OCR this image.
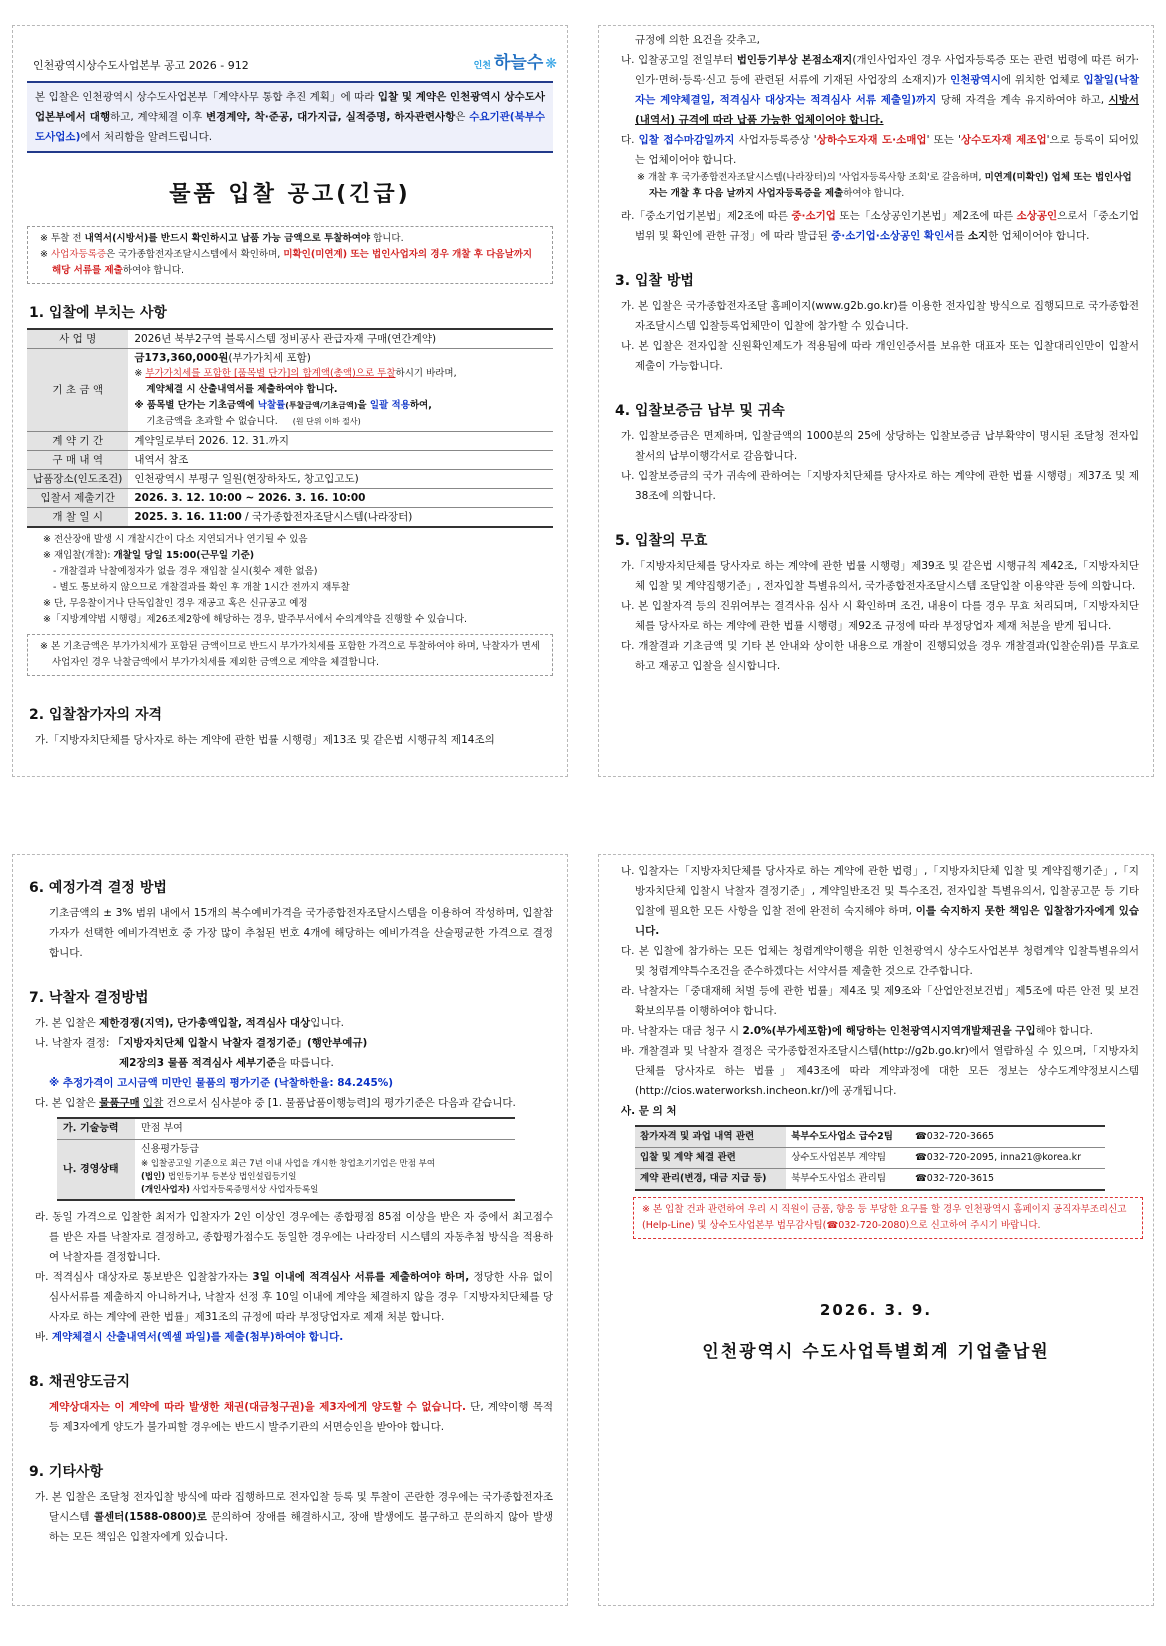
인천광역시상수도사업본부 공고 2026 - 912	인천 하늘수 ❋
본 입찰은 인천광역시 상수도사업본부「계약사무 통합 추진 계획」에 따라 입찰 및 계약은 인천광역시 상수도사업본부에서 대행하고, 계약체결 이후 변경계약, 착·준공, 대가지급, 실적증명, 하자관련사항은 수요기관(북부수도사업소)에서 처리함을 알려드립니다.
물품 입찰 공고(긴급)

※ 투찰 전 내역서(시방서)를 반드시 확인하시고 납품 가능 금액으로 투찰하여야 합니다.

※ 사업자등록증은 국가종합전자조달시스템에서 확인하며, 미확인(미연계) 또는 법인사업자의 경우 개찰 후 다음날까지 해당 서류를 제출하여야 합니다.

1. 입찰에 부치는 사항
사 업 명	2026년 북부2구역 블록시스템 정비공사 관급자재 구매(연간계약)
기 초 금 액	금173,360,000원(부가가치세 포함)
※ 부가가치세를 포함한 [품목별 단가]의 합계액(총액)으로 투찰하시기 바라며,
계약체결 시 산출내역서를 제출하여야 합니다.
※ 품목별 단가는 기초금액에 낙찰률(투찰금액/기초금액)을 일괄 적용하여,
기초금액을 초과할 수 없습니다. (원 단위 이하 절사)

계 약 기 간	계약일로부터 2026. 12. 31.까지
구 매 내 역	내역서 참조
납품장소(인도조건)	인천광역시 부평구 일원(현장하차도, 창고입고도)
입찰서 제출기간	2026. 3. 12. 10:00 ~ 2026. 3. 16. 10:00
개 찰 일 시	2025. 3. 16. 11:00 / 국가종합전자조달시스템(나라장터)

※ 전산장애 발생 시 개찰시간이 다소 지연되거나 연기될 수 있음

※ 재입찰(개찰): 개찰일 당일 15:00(근무일 기준)

- 개찰결과 낙찰예정자가 없을 경우 재입찰 실시(횟수 제한 없음)

- 별도 통보하지 않으므로 개찰결과를 확인 후 개찰 1시간 전까지 재투찰

※ 단, 무응찰이거나 단독입찰인 경우 재공고 혹은 신규공고 예정

※「지방계약법 시행령」제26조제2항에 해당하는 경우, 발주부서에서 수의계약을 진행할 수 있습니다.

※ 본 기초금액은 부가가치세가 포함된 금액이므로 반드시 부가가치세를 포함한 가격으로 투찰하여야 하며, 낙찰자가 면세사업자인 경우 낙찰금액에서 부가가치세를 제외한 금액으로 계약을 체결합니다.

2. 입찰참가자의 자격

가.「지방자치단체를 당사자로 하는 계약에 관한 법률 시행령」제13조 및 같은법 시행규칙 제14조의

규정에 의한 요건을 갖추고,

나. 입찰공고일 전일부터 법인등기부상 본점소재지(개인사업자인 경우 사업자등록증 또는 관련 법령에 따른 허가·인가·면허·등록·신고 등에 관련된 서류에 기재된 사업장의 소재지)가 인천광역시에 위치한 업체로 입찰일(낙찰자는 계약체결일, 적격심사 대상자는 적격심사 서류 제출일)까지 당해 자격을 계속 유지하여야 하고, 시방서(내역서) 규격에 따라 납품 가능한 업체이어야 합니다.

다. 입찰 접수마감일까지 사업자등록증상 '상하수도자재 도·소매업' 또는 '상수도자재 제조업'으로 등록이 되어있는 업체이어야 합니다.

※ 개찰 후 국가종합전자조달시스템(나라장터)의 '사업자등록사항 조회'로 갈음하며, 미연계(미확인) 업체 또는 법인사업자는 개찰 후 다음 날까지 사업자등록증을 제출하여야 합니다.

라.「중소기업기본법」제2조에 따른 중·소기업 또는「소상공인기본법」제2조에 따른 소상공인으로서「중소기업 범위 및 확인에 관한 규정」에 따라 발급된 중·소기업·소상공인 확인서를 소지한 업체이어야 합니다.

3. 입찰 방법

가. 본 입찰은 국가종합전자조달 홈페이지(www.g2b.go.kr)를 이용한 전자입찰 방식으로 집행되므로 국가종합전자조달시스템 입찰등록업체만이 입찰에 참가할 수 있습니다.

나. 본 입찰은 전자입찰 신원확인제도가 적용됨에 따라 개인인증서를 보유한 대표자 또는 입찰대리인만이 입찰서 제출이 가능합니다.

4. 입찰보증금 납부 및 귀속

가. 입찰보증금은 면제하며, 입찰금액의 1000분의 25에 상당하는 입찰보증금 납부확약이 명시된 조달청 전자입찰서의 납부이행각서로 갈음합니다.

나. 입찰보증금의 국가 귀속에 관하여는「지방자치단체를 당사자로 하는 계약에 관한 법률 시행령」제37조 및 제38조에 의합니다.

5. 입찰의 무효

가.「지방자치단체를 당사자로 하는 계약에 관한 법률 시행령」제39조 및 같은법 시행규칙 제42조,「지방자치단체 입찰 및 계약집행기준」, 전자입찰 특별유의서, 국가종합전자조달시스템 조달입찰 이용약관 등에 의합니다.

나. 본 입찰자격 등의 진위여부는 결격사유 심사 시 확인하며 조건, 내용이 다를 경우 무효 처리되며,「지방자치단체를 당사자로 하는 계약에 관한 법률 시행령」제92조 규정에 따라 부정당업자 제재 처분을 받게 됩니다.

다. 개찰결과 기초금액 및 기타 본 안내와 상이한 내용으로 개찰이 진행되었을 경우 개찰결과(입찰순위)를 무효로 하고 재공고 입찰을 실시합니다.

6. 예정가격 결정 방법

기초금액의 ± 3% 범위 내에서 15개의 복수예비가격을 국가종합전자조달시스템을 이용하여 작성하며, 입찰참가자가 선택한 예비가격번호 중 가장 많이 추첨된 번호 4개에 해당하는 예비가격을 산술평균한 가격으로 결정합니다.

7. 낙찰자 결정방법

가. 본 입찰은 제한경쟁(지역), 단가총액입찰, 적격심사 대상입니다.

나. 낙찰자 결정: 「지방자치단체 입찰시 낙찰자 결정기준」(행안부예규)

제2장의3 물품 적격심사 세부기준을 따릅니다.

※ 추정가격이 고시금액 미만인 물품의 평가기준 (낙찰하한율: 84.245%)

다. 본 입찰은 물품구매 입찰 건으로서 심사분야 중 [1. 물품납품이행능력]의 평가기준은 다음과 같습니다.

가. 기술능력	만점 부여
나. 경영상태	신용평가등급
※ 입찰공고일 기준으로 최근 7년 이내 사업을 개시한 창업초기기업은 만점 부여
(법인) 법인등기부 등본상 법인설립등기일
(개인사업자) 사업자등록증명서상 사업자등록일

라. 동일 가격으로 입찰한 최저가 입찰자가 2인 이상인 경우에는 종합평점 85점 이상을 받은 자 중에서 최고점수를 받은 자를 낙찰자로 결정하고, 종합평가점수도 동일한 경우에는 나라장터 시스템의 자동추첨 방식을 적용하여 낙찰자를 결정합니다.

마. 적격심사 대상자로 통보받은 입찰참가자는 3일 이내에 적격심사 서류를 제출하여야 하며, 정당한 사유 없이 심사서류를 제출하지 아니하거나, 낙찰자 선정 후 10일 이내에 계약을 체결하지 않을 경우「지방자치단체를 당사자로 하는 계약에 관한 법률」제31조의 규정에 따라 부정당업자로 제재 처분 합니다.

바. 계약체결시 산출내역서(엑셀 파일)를 제출(첨부)하여야 합니다.

8. 채권양도금지

계약상대자는 이 계약에 따라 발생한 채권(대금청구권)을 제3자에게 양도할 수 없습니다. 단, 계약이행 목적 등 제3자에게 양도가 불가피할 경우에는 반드시 발주기관의 서면승인을 받아야 합니다.

9. 기타사항

가. 본 입찰은 조달청 전자입찰 방식에 따라 집행하므로 전자입찰 등록 및 투찰이 곤란한 경우에는 국가종합전자조달시스템 콜센터(1588-0800)로 문의하여 장애를 해결하시고, 장애 발생에도 불구하고 문의하지 않아 발생하는 모든 책임은 입찰자에게 있습니다.

나. 입찰자는「지방자치단체를 당사자로 하는 계약에 관한 법령」,「지방자치단체 입찰 및 계약집행기준」,「지방자치단체 입찰시 낙찰자 결정기준」, 계약일반조건 및 특수조건, 전자입찰 특별유의서, 입찰공고문 등 기타 입찰에 필요한 모든 사항을 입찰 전에 완전히 숙지해야 하며, 이를 숙지하지 못한 책임은 입찰참가자에게 있습니다.

다. 본 입찰에 참가하는 모든 업체는 청렴계약이행을 위한 인천광역시 상수도사업본부 청렴계약 입찰특별유의서 및 청렴계약특수조건을 준수하겠다는 서약서를 제출한 것으로 간주합니다.

라. 낙찰자는「중대재해 처벌 등에 관한 법률」제4조 및 제9조와「산업안전보건법」제5조에 따른 안전 및 보건 확보의무를 이행하여야 합니다.

마. 낙찰자는 대금 청구 시 2.0%(부가세포함)에 해당하는 인천광역시지역개발채권을 구입해야 합니다.

바. 개찰결과 및 낙찰자 결정은 국가종합전자조달시스템(http://g2b.go.kr)에서 열람하실 수 있으며,「지방자치단체를 당사자로 하는 법률」제43조에 따라 계약과정에 대한 모든 정보는 상수도계약정보시스템(http://cios.waterworksh.incheon.kr/)에 공개됩니다.

사. 문 의 처

참가자격 및 과업 내역 관련	북부수도사업소 급수2팀	☎032-720-3665
입찰 및 계약 체결 관련	상수도사업본부 계약팀	☎032-720-2095, inna21@korea.kr
계약 관리(변경, 대금 지급 등)	북부수도사업소 관리팀	☎032-720-3615
※ 본 입찰 건과 관련하여 우리 시 직원이 금품, 향응 등 부당한 요구를 할 경우 인천광역시 홈페이지 공직자부조리신고(Help-Line) 및 상수도사업본부 법무감사팀(☎032-720-2080)으로 신고하여 주시기 바랍니다.
2026. 3. 9.
인천광역시 수도사업특별회계 기업출납원
